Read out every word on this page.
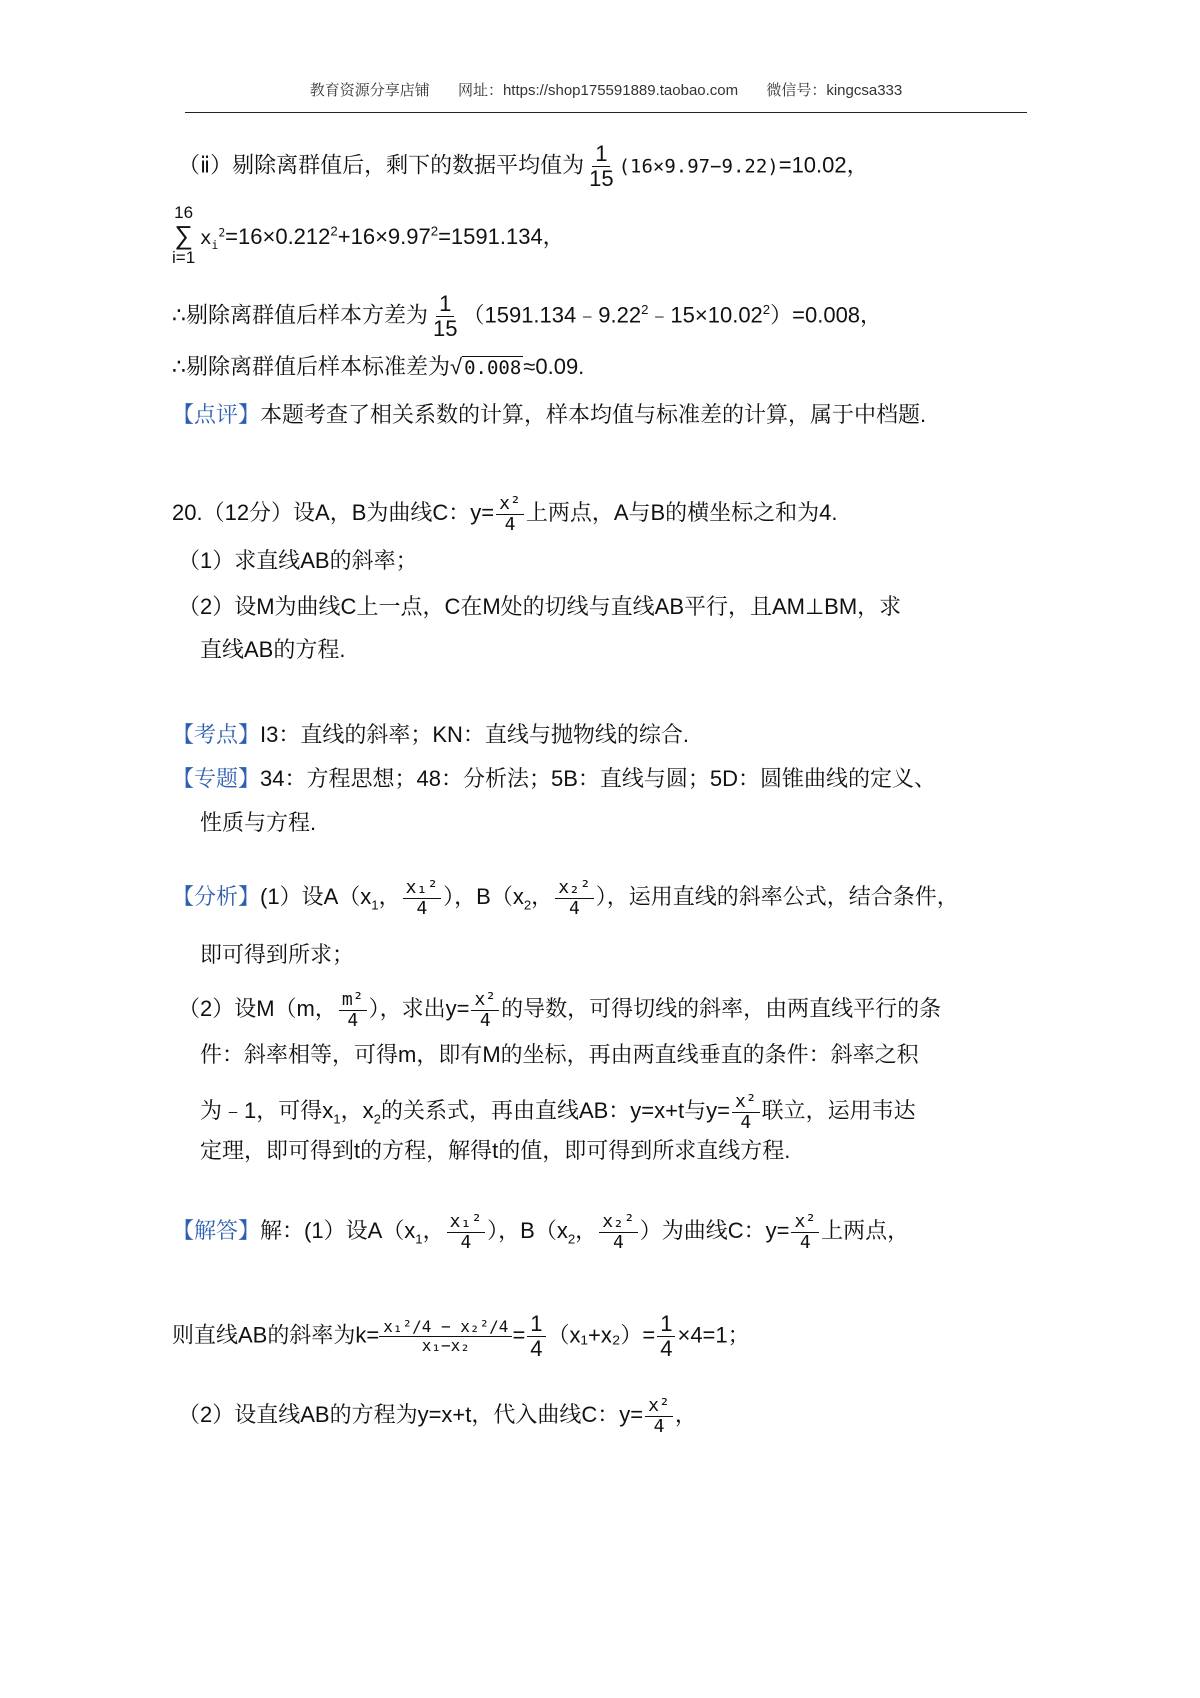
教育资源分享店铺 网址：https://shop175591889.taobao.com 微信号：kingcsa333
（ⅱ）剔除离群值后，剩下的数据平均值为 $\frac{1}{15} (16\times 9.97-9.22)=10.02$，
16
∑
i=1
$x_i^2=16\times 0.212^2+16\times 9.97^2=1591.134$，
∴剔除离群值后样本方差为 $\frac{1}{15}$ $(1591.134﹣9.22^2﹣15\times 10.02^2)=0.008$，
∴剔除离群值后样本标准差为√ 0.008≈0.09.
【点评】本题考查了相关系数的计算，样本均值与标准差的计算，属于中档题.
20.（12分）设A，B为曲线C：$y= \frac{\text{x²}}{4}$ 上两点，A与B的横坐标之和为4.
（1）求直线AB的斜率；
（2）设M为曲线C上一点，C在M处的切线与直线AB平行，且AM⊥BM，求
直线AB的方程.
【考点】I3：直线的斜率；KN：直线与抛物线的综合.
【专题】34：方程思想；48：分析法；5B：直线与圆；5D：圆锥曲线的定义、
性质与方程.
【分析】(1）设$A(x_1$， $\frac{\text{x₁²}}{4}$ ），$B(x_2$， $\frac{\text{x₂²}}{4}$ ），运用直线的斜率公式，结合条件，
即可得到所求；
（2）设M（m， $\frac{\text{m²}}{4}$ ），求出$y= \frac{\text{x²}}{4}$ 的导数，可得切线的斜率，由两直线平行的条
件：斜率相等，可得m，即有M的坐标，再由两直线垂直的条件：斜率之积
为﹣1，可得$x_1$，$x_2$的关系式，再由直线AB：y=x+t与$y= \frac{\text{x²}}{4}$ 联立，运用韦达
定理，即可得到t的方程，解得t的值，即可得到所求直线方程.
【解答】解：(1）设$A(x_1$， $\frac{\text{x₁²}}{4}$ ），$B(x_2$， $\frac{\text{x₂²}}{4}$ ）为曲线C：$y= \frac{\text{x²}}{4}$ 上两点，
则直线AB的斜率为$k= \frac{\text{x₁²/4 − x₂²/4}}{\text{x₁−x₂}} = \frac{1}{4} (x_1+x_2)= \frac{1}{4} \times 4=1$；
（2）设直线AB的方程为y=x+t，代入曲线C：$y= \frac{\text{x²}}{4}$ ，
